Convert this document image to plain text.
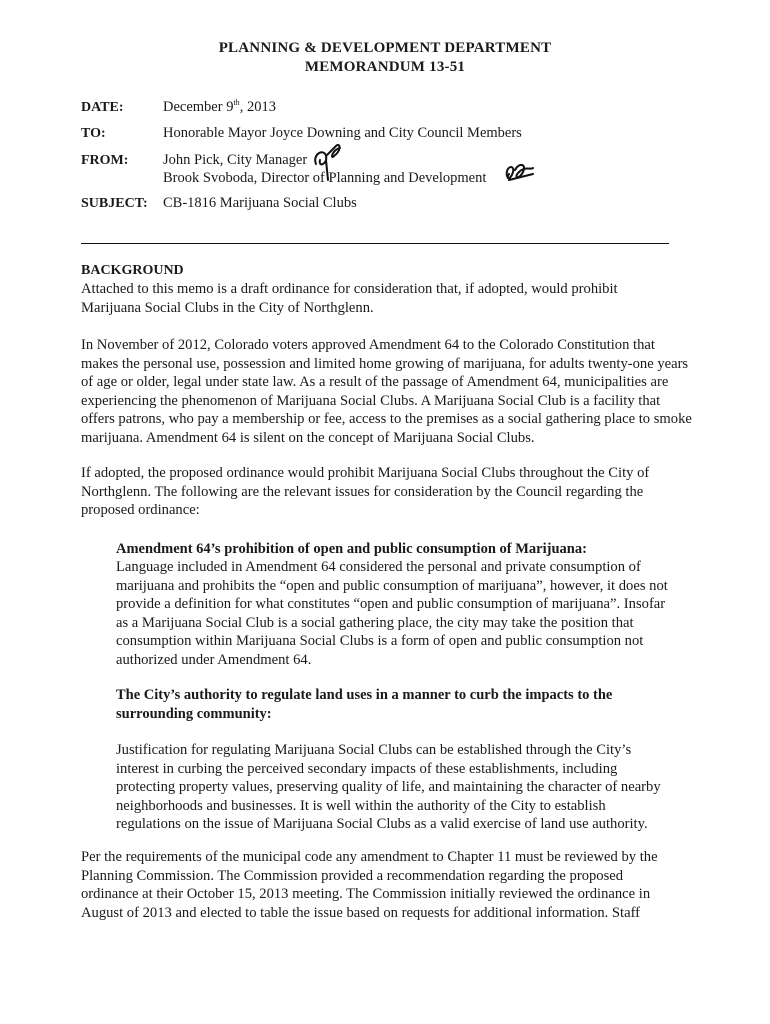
PLANNING & DEVELOPMENT DEPARTMENT
MEMORANDUM 13-51
DATE:	December 9th, 2013
TO:	Honorable Mayor Joyce Downing and City Council Members
FROM: John Pick, City Manager
Brook Svoboda, Director of Planning and Development
SUBJECT: CB-1816 Marijuana Social Clubs
BACKGROUND
Attached to this memo is a draft ordinance for consideration that, if adopted, would prohibit
Marijuana Social Clubs in the City of Northglenn.
In November of 2012, Colorado voters approved Amendment 64 to the Colorado Constitution that
makes the personal use, possession and limited home growing of marijuana, for adults twenty-one years
of age or older, legal under state law. As a result of the passage of Amendment 64, municipalities are
experiencing the phenomenon of Marijuana Social Clubs. A Marijuana Social Club is a facility that
offers patrons, who pay a membership or fee, access to the premises as a social gathering place to smoke
marijuana. Amendment 64 is silent on the concept of Marijuana Social Clubs.
If adopted, the proposed ordinance would prohibit Marijuana Social Clubs throughout the City of
Northglenn. The following are the relevant issues for consideration by the Council regarding the
proposed ordinance:
Amendment 64’s prohibition of open and public consumption of Marijuana:
Language included in Amendment 64 considered the personal and private consumption of
marijuana and prohibits the “open and public consumption of marijuana”, however, it does not
provide a definition for what constitutes “open and public consumption of marijuana”. Insofar
as a Marijuana Social Club is a social gathering place, the city may take the position that
consumption within Marijuana Social Clubs is a form of open and public consumption not
authorized under Amendment 64.
The City’s authority to regulate land uses in a manner to curb the impacts to the
surrounding community:
Justification for regulating Marijuana Social Clubs can be established through the City’s
interest in curbing the perceived secondary impacts of these establishments, including
protecting property values, preserving quality of life, and maintaining the character of nearby
neighborhoods and businesses. It is well within the authority of the City to establish
regulations on the issue of Marijuana Social Clubs as a valid exercise of land use authority.
Per the requirements of the municipal code any amendment to Chapter 11 must be reviewed by the
Planning Commission. The Commission provided a recommendation regarding the proposed
ordinance at their October 15, 2013 meeting. The Commission initially reviewed the ordinance in
August of 2013 and elected to table the issue based on requests for additional information. Staff
